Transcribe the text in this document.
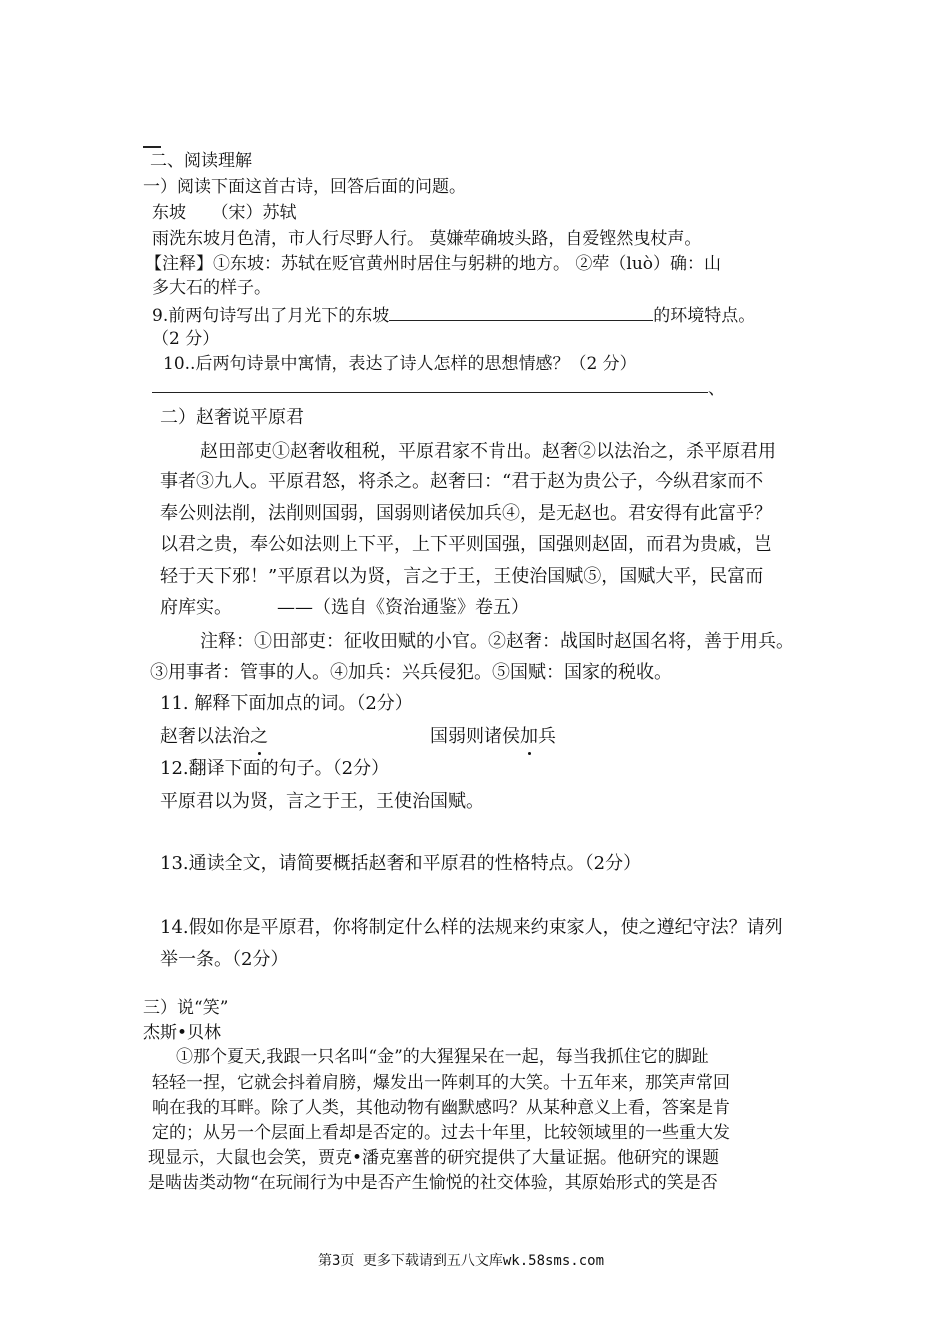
二、阅读理解
一）阅读下面这首古诗，回答后面的问题。
东坡　　（宋）苏轼
雨洗东坡月色清，市人行尽野人行。 莫嫌荦确坡头路，自爱铿然曳杖声。
【注释】①东坡：苏轼在贬官黄州时居住与躬耕的地方。 ②荦（luò）确：山
多大石的样子。
9.前两句诗写出了月光下的东坡	的环境特点。
（2 分）
10..后两句诗景中寓情，表达了诗人怎样的思想情感？（2 分）
、
二）赵奢说平原君
赵田部吏①赵奢收租税，平原君家不肯出。赵奢②以法治之，杀平原君用
事者③九人。平原君怒，将杀之。赵奢曰：“君于赵为贵公子，今纵君家而不
奉公则法削，法削则国弱，国弱则诸侯加兵④，是无赵也。君安得有此富乎？
以君之贵，奉公如法则上下平，上下平则国强，国强则赵固，而君为贵戚，岂
轻于天下邪！”平原君以为贤，言之于王，王使治国赋⑤，国赋大平，民富而
府库实。　　　——（选自《资治通鉴》卷五）
注释：①田部吏：征收田赋的小官。②赵奢：战国时赵国名将，善于用兵。
③用事者：管事的人。④加兵：兴兵侵犯。⑤国赋：国家的税收。
11. 解释下面加点的词。（2分）
赵奢以法治之	国弱则诸侯加兵
12.翻译下面的句子。（2分）
平原君以为贤，言之于王，王使治国赋。
13.通读全文，请简要概括赵奢和平原君的性格特点。（2分）
14.假如你是平原君，你将制定什么样的法规来约束家人，使之遵纪守法？请列
举一条。（2分）
三）说“笑”
杰斯•贝林
①那个夏天,我跟一只名叫“金”的大猩猩呆在一起，每当我抓住它的脚趾
轻轻一捏，它就会抖着肩膀，爆发出一阵刺耳的大笑。十五年来，那笑声常回
响在我的耳畔。除了人类，其他动物有幽默感吗？从某种意义上看，答案是肯
定的；从另一个层面上看却是否定的。过去十年里，比较领域里的一些重大发
现显示，大鼠也会笑，贾克•潘克塞普的研究提供了大量证据。他研究的课题
是啮齿类动物“在玩闹行为中是否产生愉悦的社交体验，其原始形式的笑是否
第3页 更多下载请到五八文库wk.58sms.com
